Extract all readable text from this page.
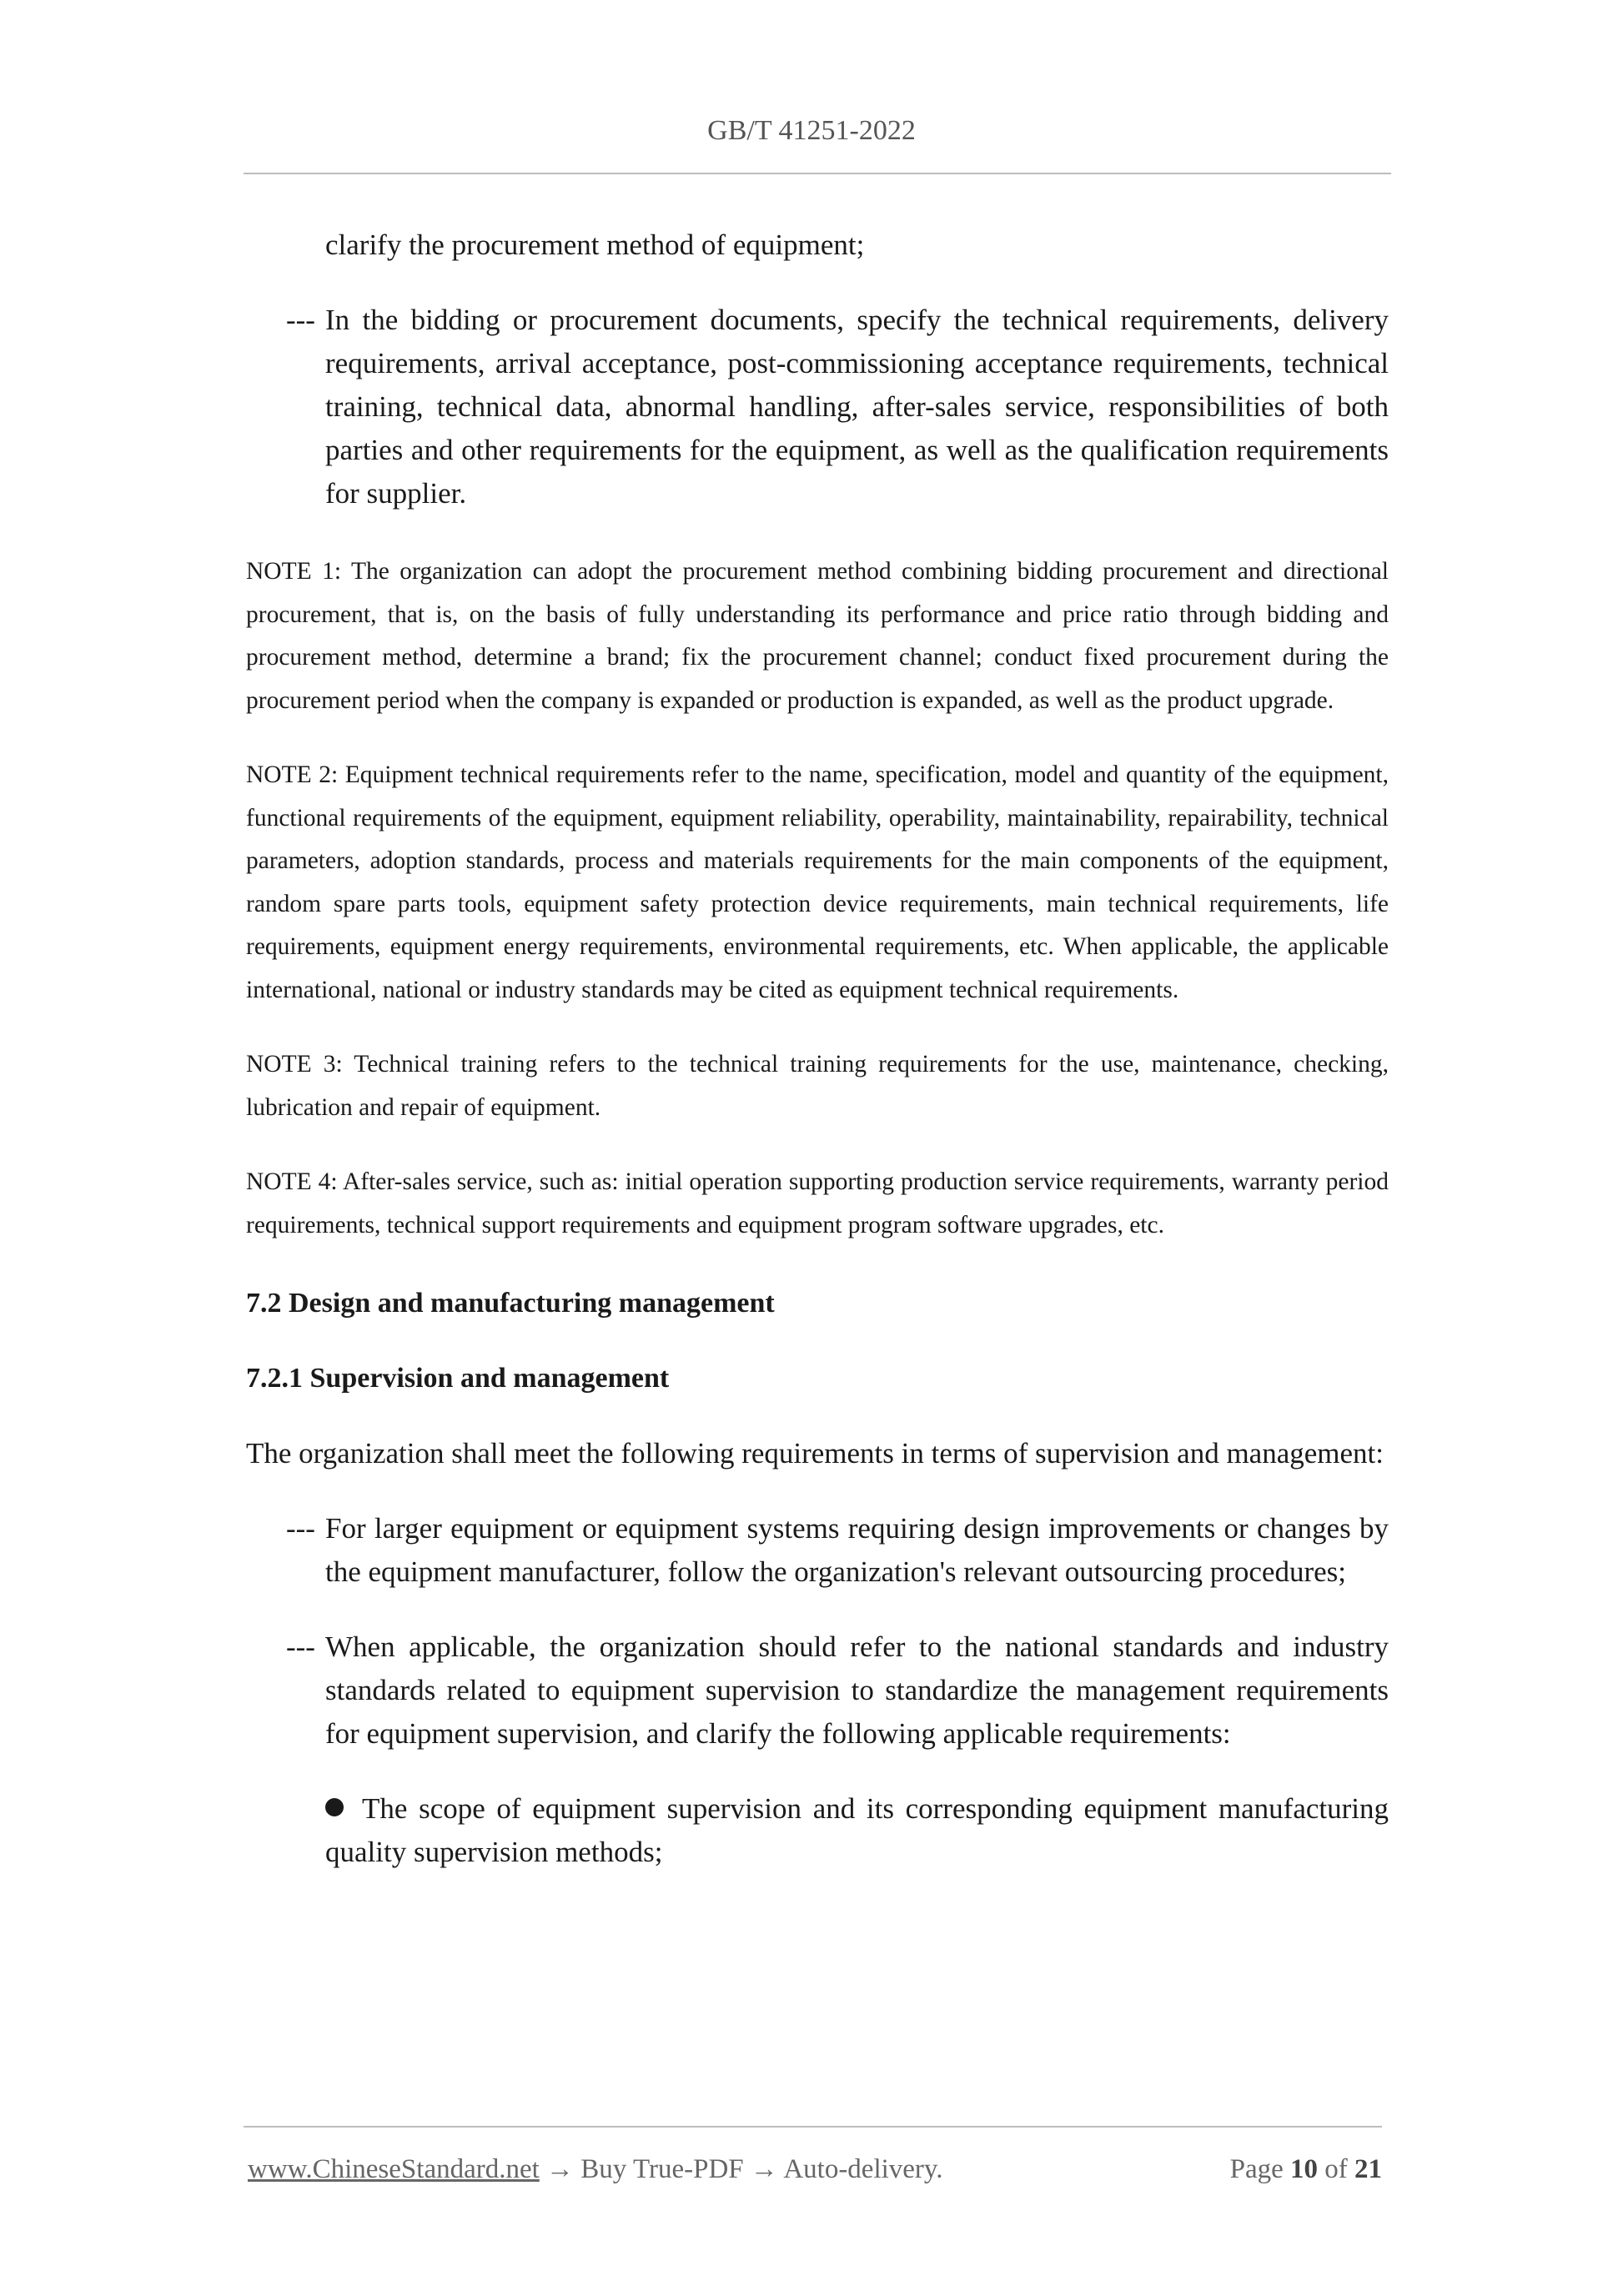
GB/T 41251-2022

clarify the procurement method of equipment;

--- In the bidding or procurement documents, specify the technical requirements, delivery requirements, arrival acceptance, post-commissioning acceptance requirements, technical training, technical data, abnormal handling, after-sales service, responsibilities of both parties and other requirements for the equipment, as well as the qualification requirements for supplier.

NOTE 1: The organization can adopt the procurement method combining bidding procurement and directional procurement, that is, on the basis of fully understanding its performance and price ratio through bidding and procurement method, determine a brand; fix the procurement channel; conduct fixed procurement during the procurement period when the company is expanded or production is expanded, as well as the product upgrade.

NOTE 2: Equipment technical requirements refer to the name, specification, model and quantity of the equipment, functional requirements of the equipment, equipment reliability, operability, maintainability, repairability, technical parameters, adoption standards, process and materials requirements for the main components of the equipment, random spare parts tools, equipment safety protection device requirements, main technical requirements, life requirements, equipment energy requirements, environmental requirements, etc. When applicable, the applicable international, national or industry standards may be cited as equipment technical requirements.

NOTE 3: Technical training refers to the technical training requirements for the use, maintenance, checking, lubrication and repair of equipment.

NOTE 4: After-sales service, such as: initial operation supporting production service requirements, warranty period requirements, technical support requirements and equipment program software upgrades, etc.

7.2 Design and manufacturing management

7.2.1 Supervision and management

The organization shall meet the following requirements in terms of supervision and management:

--- For larger equipment or equipment systems requiring design improvements or changes by the equipment manufacturer, follow the organization's relevant outsourcing procedures;

--- When applicable, the organization should refer to the national standards and industry standards related to equipment supervision to standardize the management requirements for equipment supervision, and clarify the following applicable requirements:

The scope of equipment supervision and its corresponding equipment manufacturing quality supervision methods;

www.ChineseStandard.net → Buy True-PDF → Auto-delivery.	Page 10 of 21
